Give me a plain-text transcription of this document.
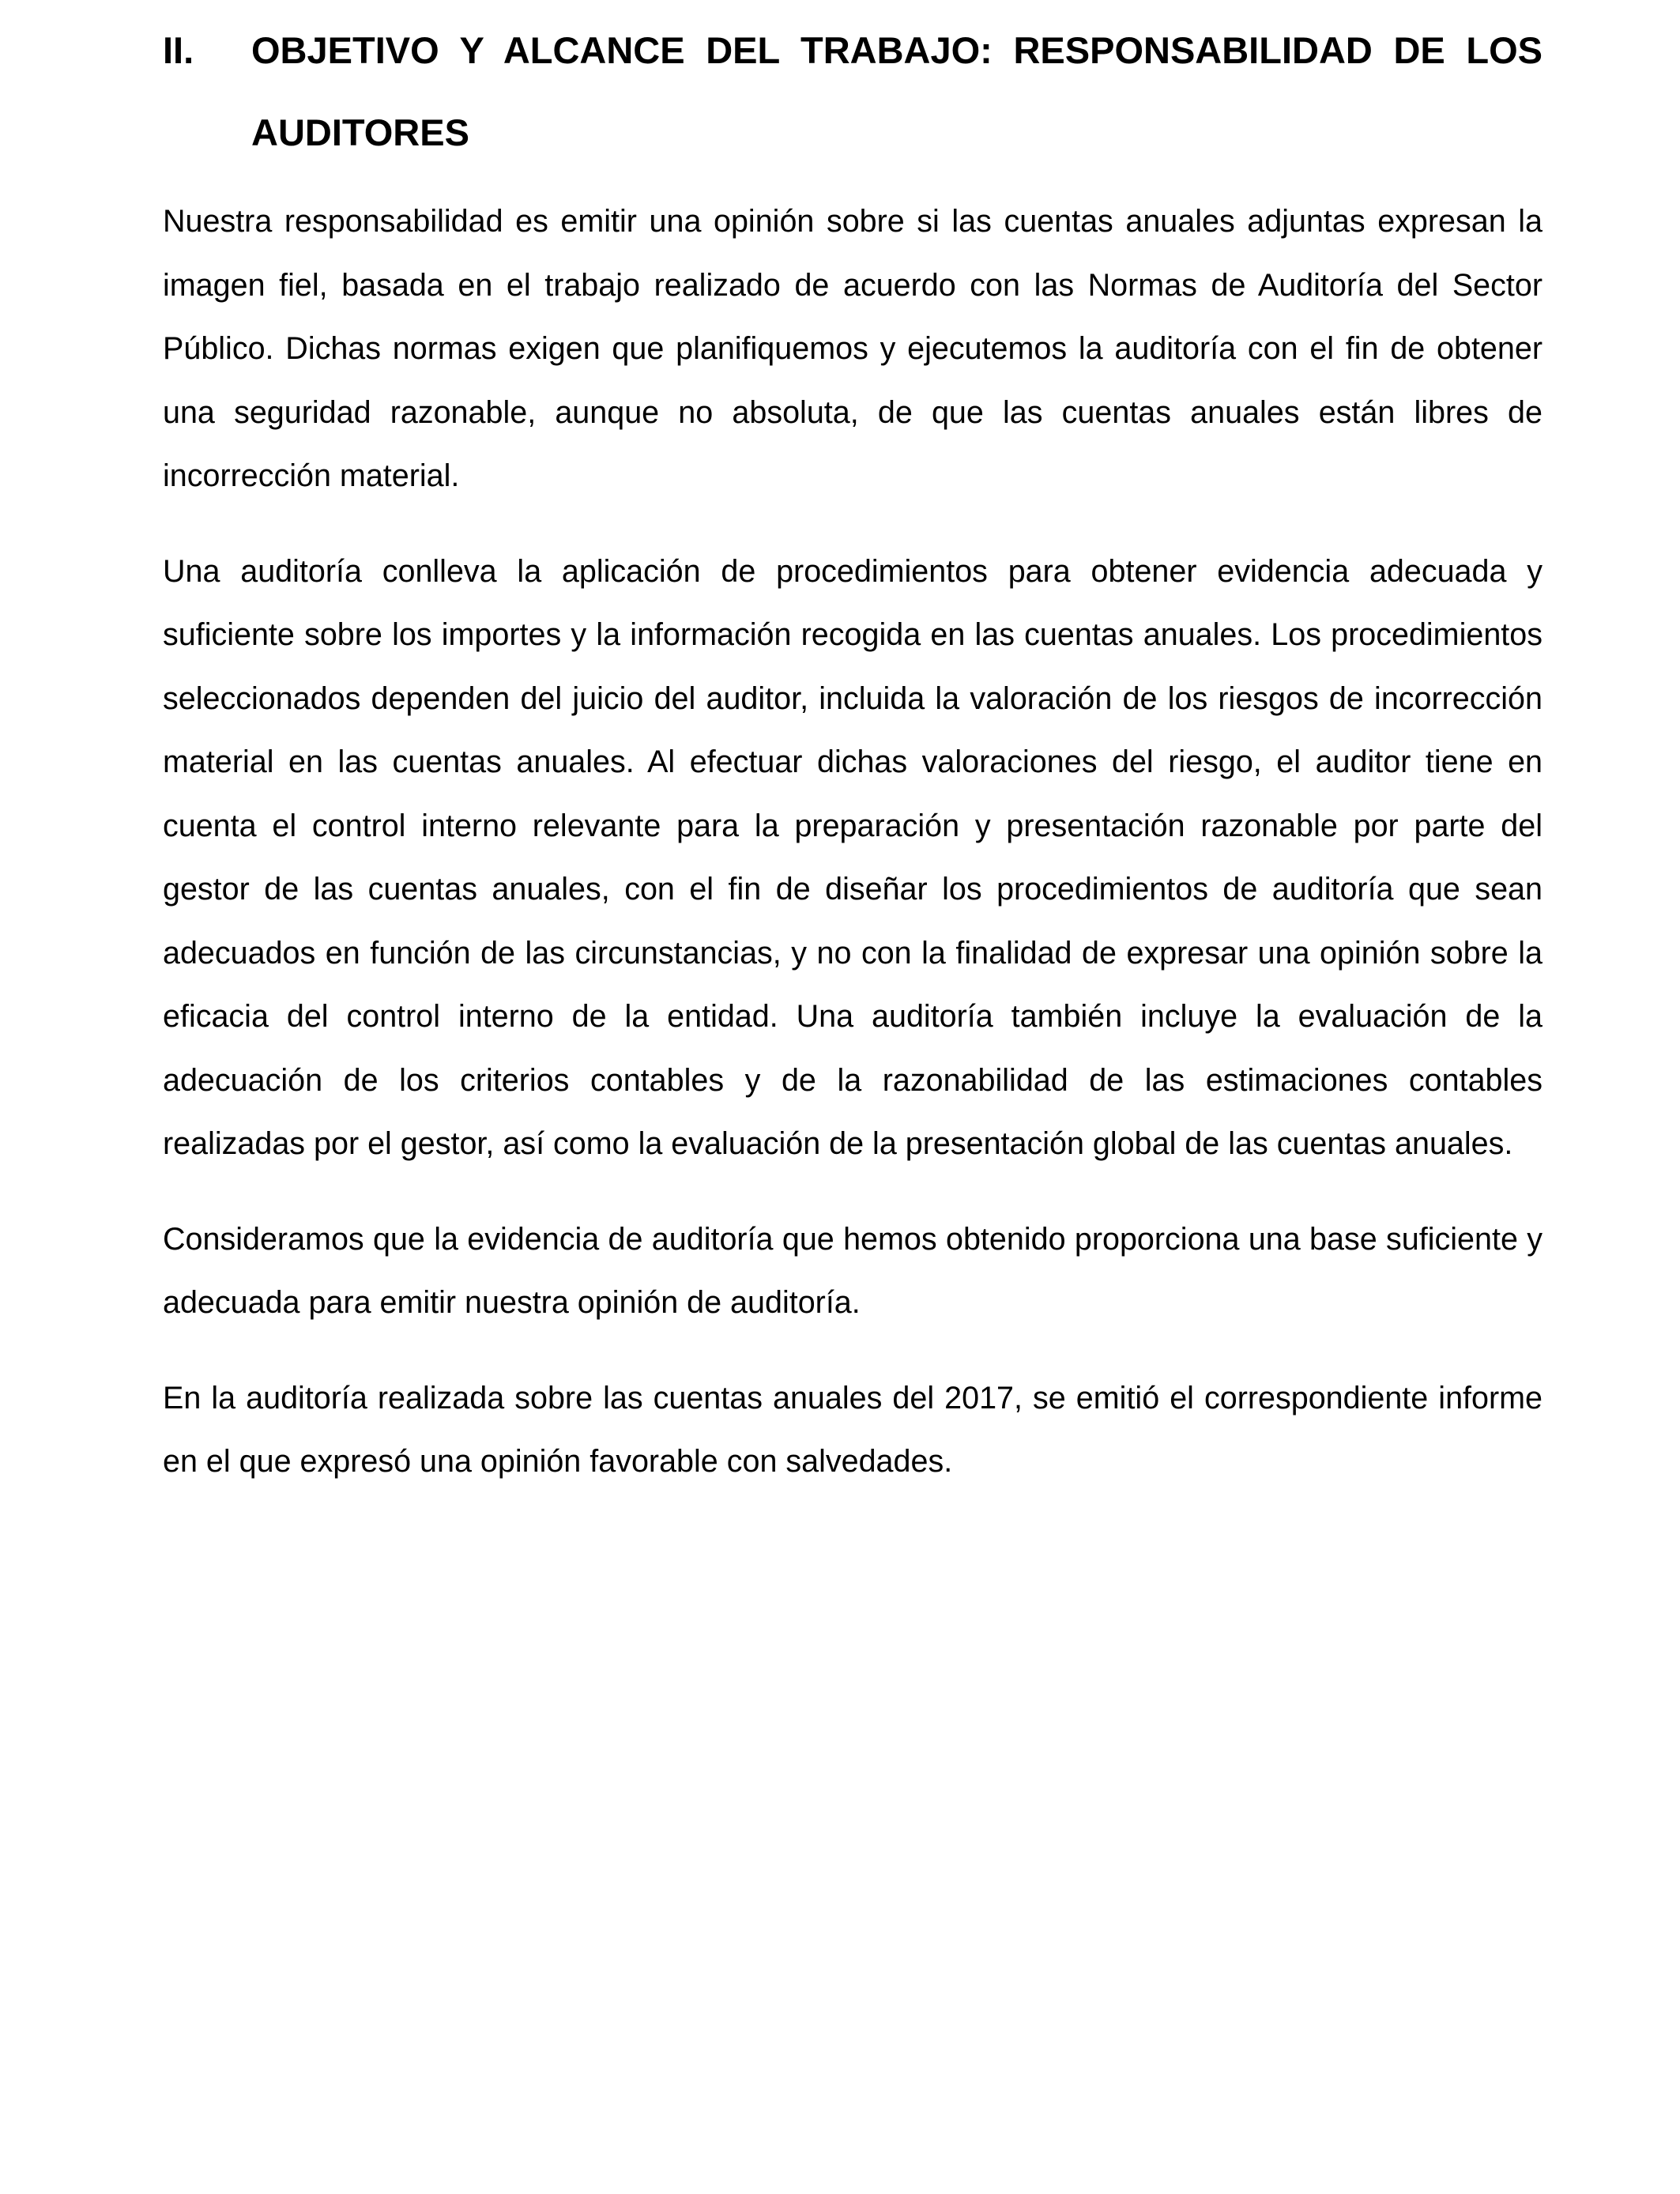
II. OBJETIVO Y ALCANCE DEL TRABAJO: RESPONSABILIDAD DE LOS AUDITORES

Nuestra responsabilidad es emitir una opinión sobre si las cuentas anuales adjuntas expresan la imagen fiel, basada en el trabajo realizado de acuerdo con las Normas de Auditoría del Sector Público. Dichas normas exigen que planifiquemos y ejecutemos la auditoría con el fin de obtener una seguridad razonable, aunque no absoluta, de que las cuentas anuales están libres de incorrección material.

Una auditoría conlleva la aplicación de procedimientos para obtener evidencia adecuada y suficiente sobre los importes y la información recogida en las cuentas anuales. Los procedimientos seleccionados dependen del juicio del auditor, incluida la valoración de los riesgos de incorrección material en las cuentas anuales. Al efectuar dichas valoraciones del riesgo, el auditor tiene en cuenta el control interno relevante para la preparación y presentación razonable por parte del gestor de las cuentas anuales, con el fin de diseñar los procedimientos de auditoría que sean adecuados en función de las circunstancias, y no con la finalidad de expresar una opinión sobre la eficacia del control interno de la entidad. Una auditoría también incluye la evaluación de la adecuación de los criterios contables y de la razonabilidad de las estimaciones contables realizadas por el gestor, así como la evaluación de la presentación global de las cuentas anuales.

Consideramos que la evidencia de auditoría que hemos obtenido proporciona una base suficiente y adecuada para emitir nuestra opinión de auditoría.

En la auditoría realizada sobre las cuentas anuales del 2017, se emitió el correspondiente informe en el que expresó una opinión favorable con salvedades.
